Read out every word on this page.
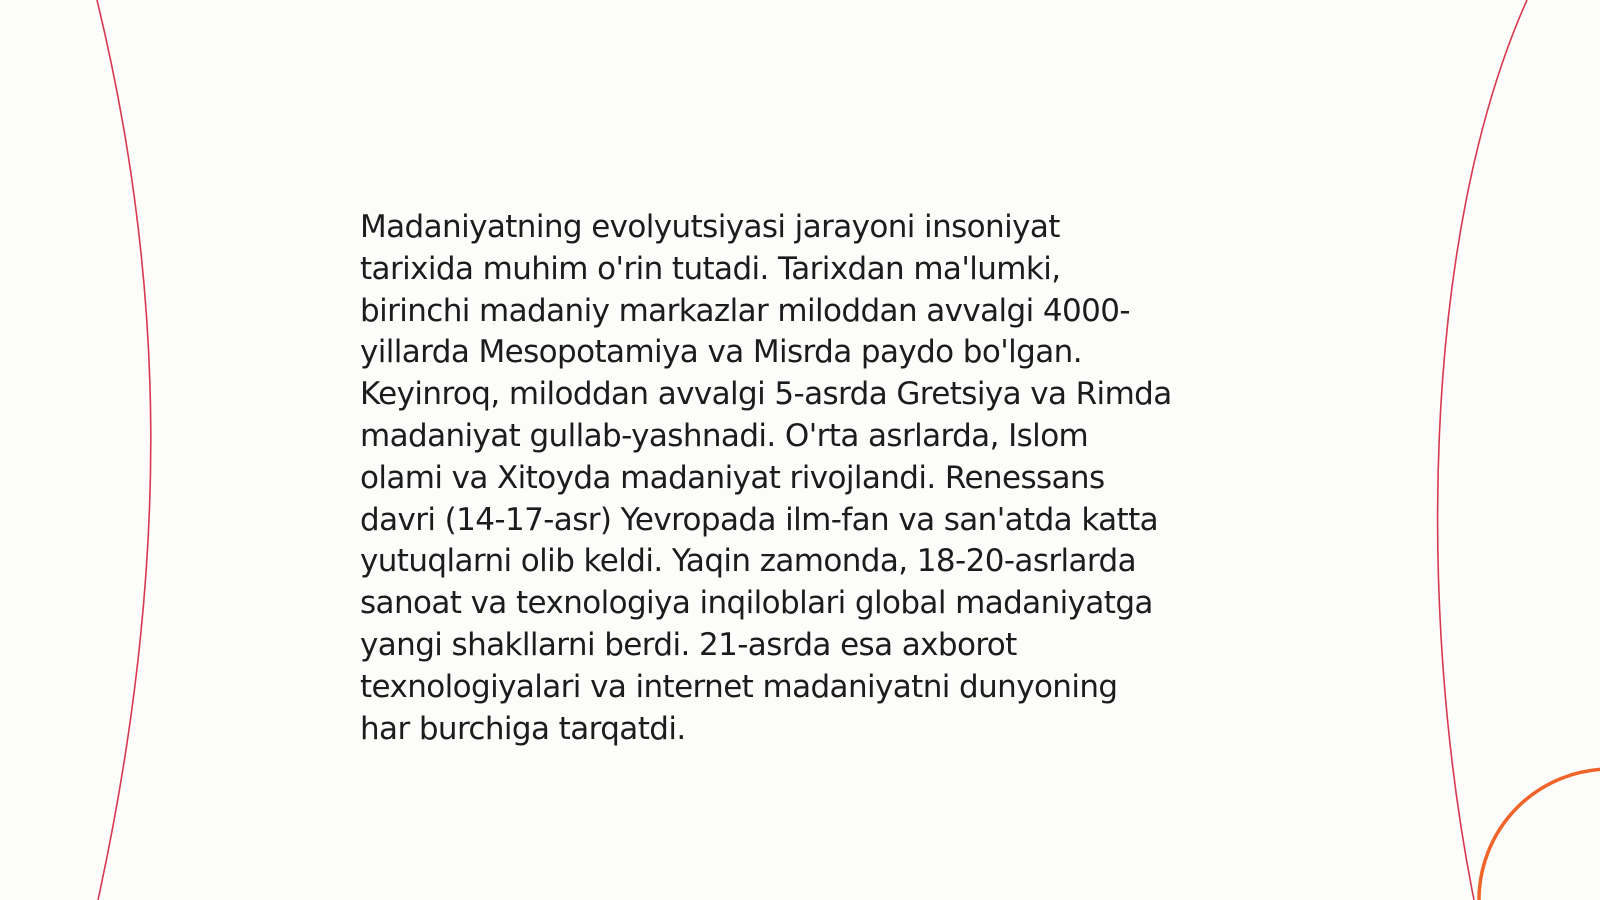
Madaniyatning evolyutsiyasi jarayoni insoniyat
tarixida muhim o'rin tutadi. Tarixdan ma'lumki,
birinchi madaniy markazlar miloddan avvalgi 4000-
yillarda Mesopotamiya va Misrda paydo bo'lgan.
Keyinroq, miloddan avvalgi 5-asrda Gretsiya va Rimda
madaniyat gullab-yashnadi. O'rta asrlarda, Islom
olami va Xitoyda madaniyat rivojlandi. Renessans
davri (14-17-asr) Yevropada ilm-fan va san'atda katta
yutuqlarni olib keldi. Yaqin zamonda, 18-20-asrlarda
sanoat va texnologiya inqiloblari global madaniyatga
yangi shakllarni berdi. 21-asrda esa axborot
texnologiyalari va internet madaniyatni dunyoning
har burchiga tarqatdi.
